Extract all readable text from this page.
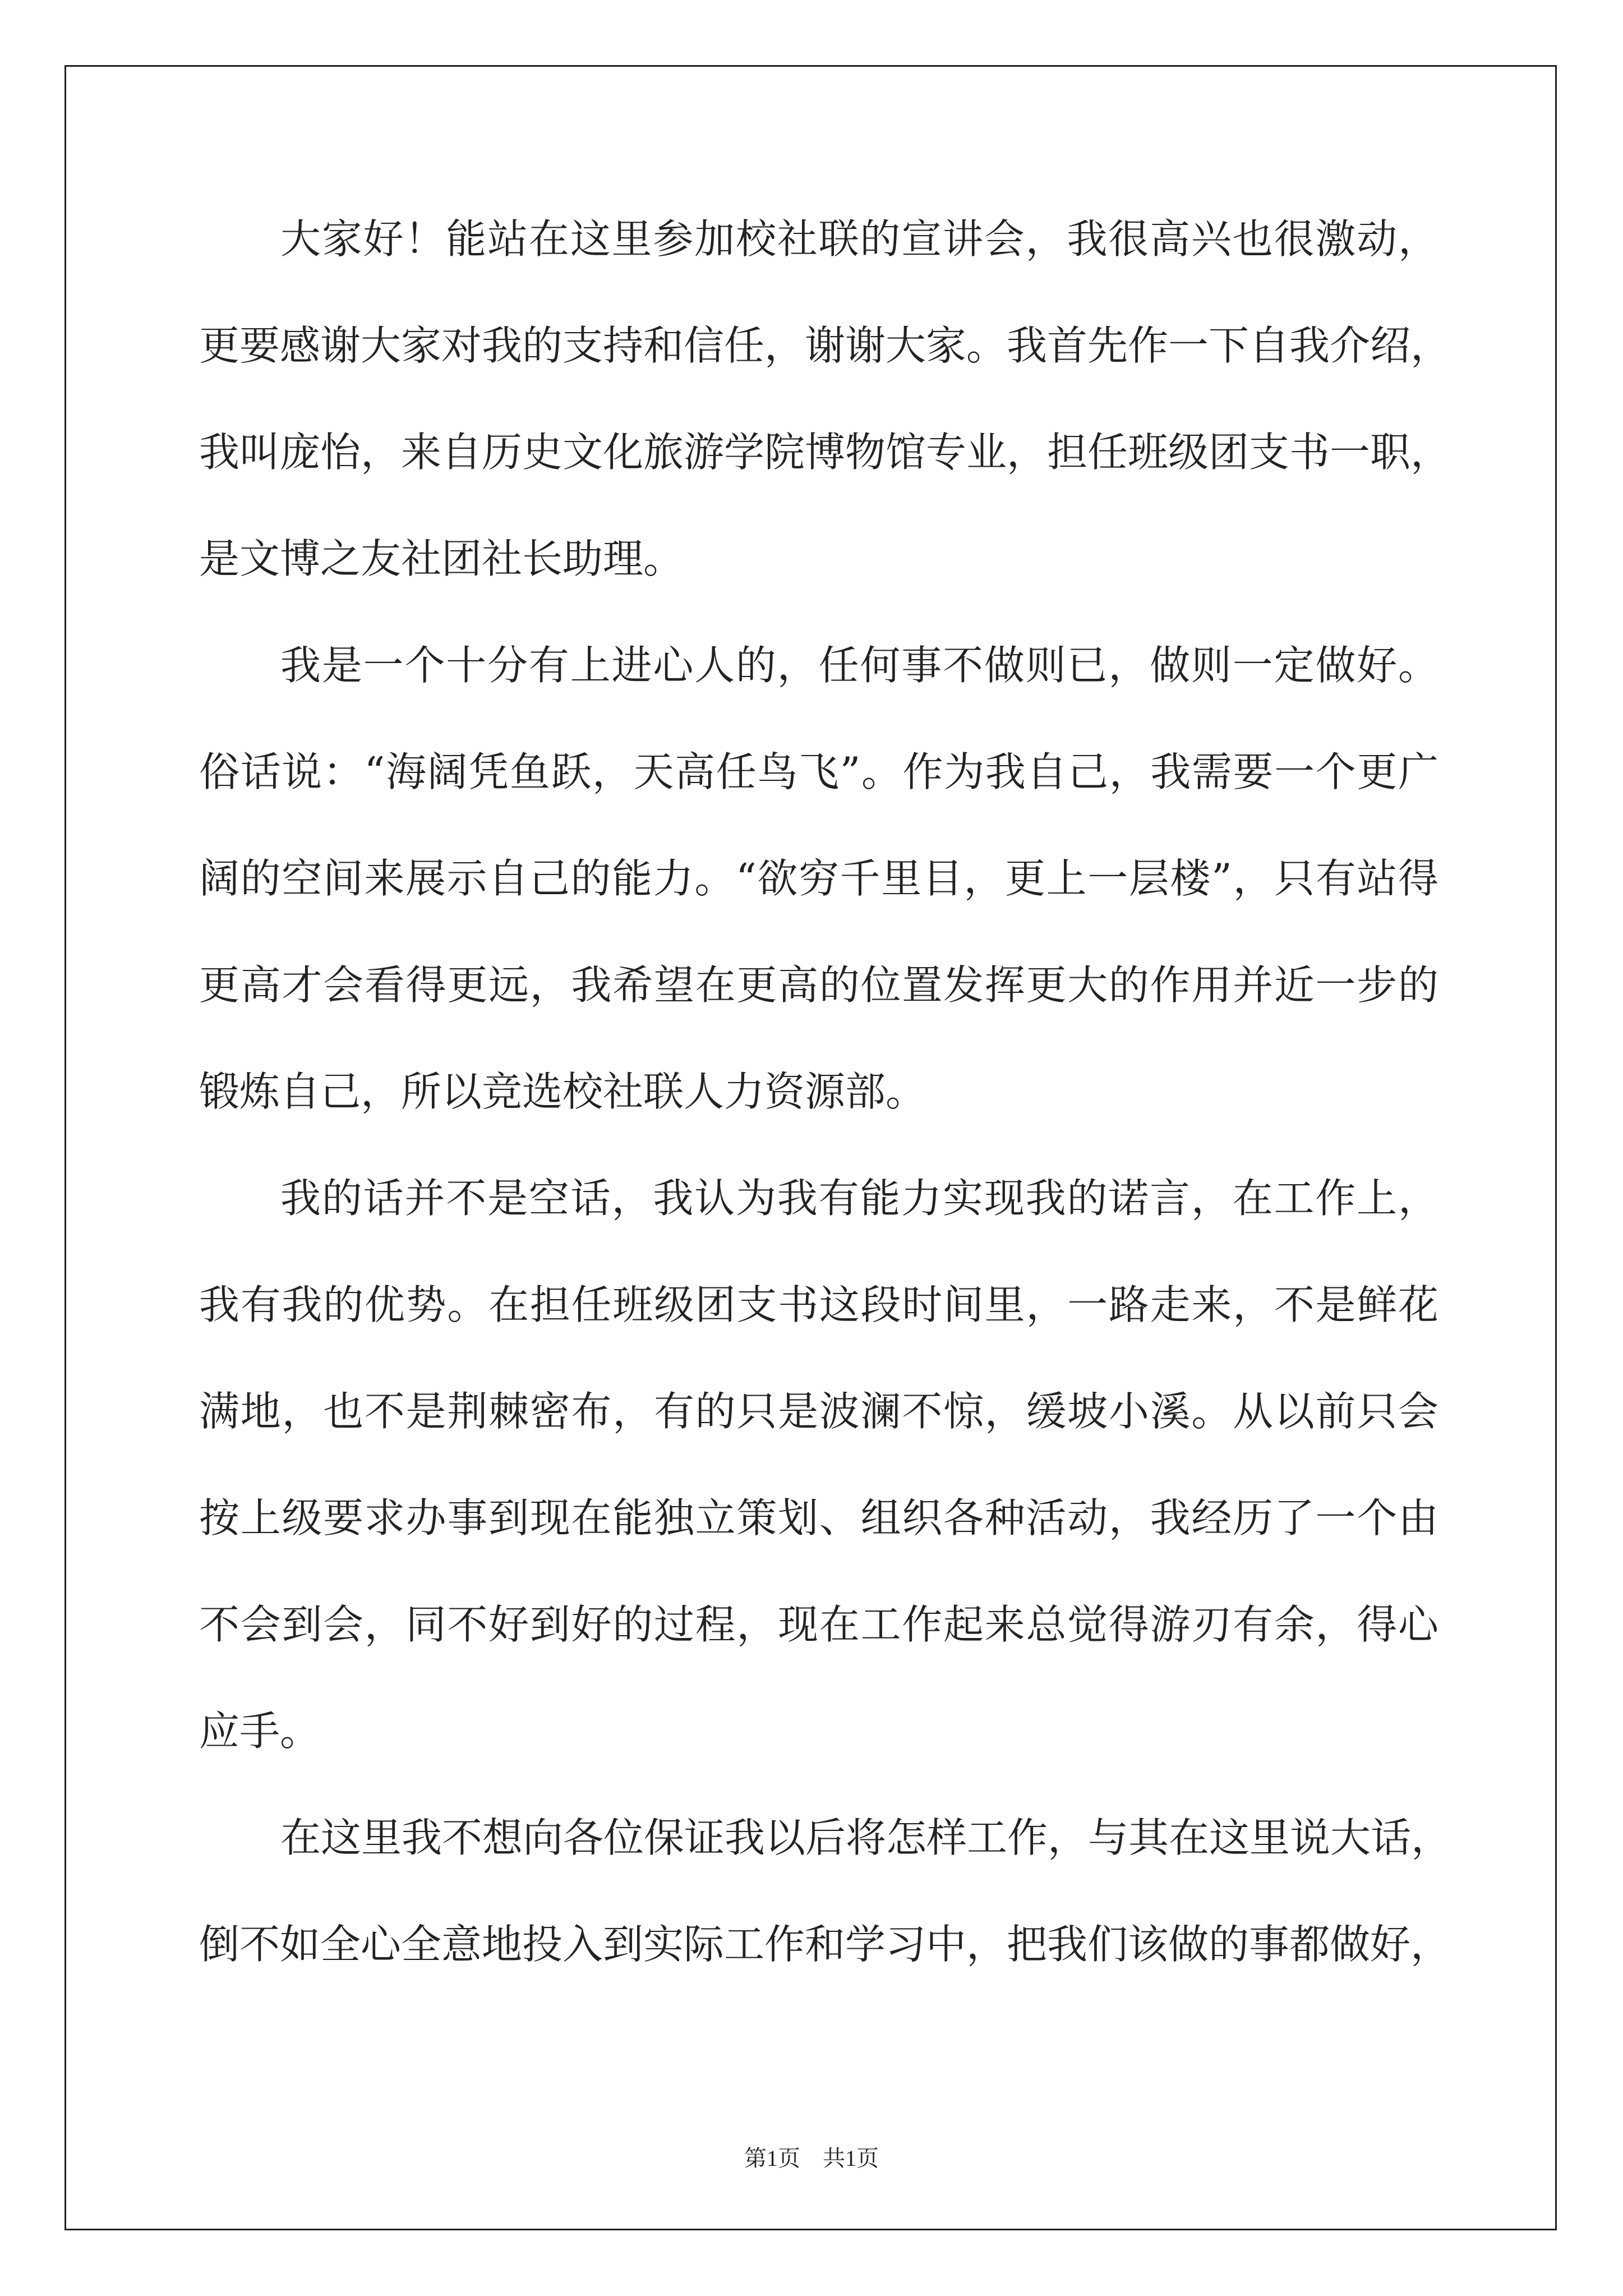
大家好！能站在这里参加校社联的宣讲会，我很高兴也很激动，
更要感谢大家对我的支持和信任，谢谢大家。我首先作一下自我介绍，
我叫庞怡，来自历史文化旅游学院博物馆专业，担任班级团支书一职，
是文博之友社团社长助理。
我是一个十分有上进心人的，任何事不做则已，做则一定做好。
俗话说：“海阔凭鱼跃，天高任鸟飞”。作为我自己，我需要一个更广
阔的空间来展示自己的能力。“欲穷千里目，更上一层楼”，只有站得
更高才会看得更远，我希望在更高的位置发挥更大的作用并近一步的
锻炼自己，所以竞选校社联人力资源部。
我的话并不是空话，我认为我有能力实现我的诺言，在工作上，
我有我的优势。在担任班级团支书这段时间里，一路走来，不是鲜花
满地，也不是荆棘密布，有的只是波澜不惊，缓坡小溪。从以前只会
按上级要求办事到现在能独立策划、组织各种活动，我经历了一个由
不会到会，同不好到好的过程，现在工作起来总觉得游刃有余，得心
应手。
在这里我不想向各位保证我以后将怎样工作，与其在这里说大话，
倒不如全心全意地投入到实际工作和学习中，把我们该做的事都做好，
第1页　共1页
